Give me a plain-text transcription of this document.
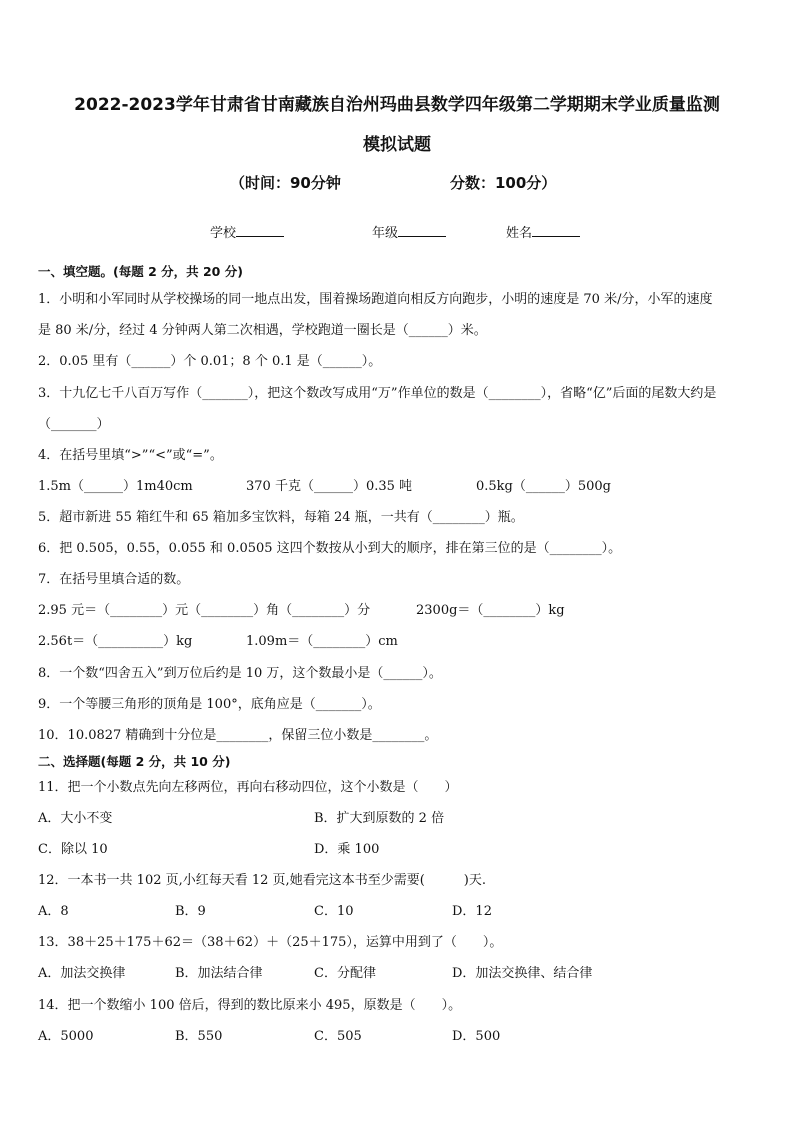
2022-2023学年甘肃省甘南藏族自治州玛曲县数学四年级第二学期期末学业质量监测
模拟试题
（时间：90分钟	分数：100分）
学校	年级	姓名
一、填空题。(每题 2 分，共 20 分)
1．小明和小军同时从学校操场的同一地点出发，围着操场跑道向相反方向跑步，小明的速度是 70 米/分，小军的速度
是 80 米/分，经过 4 分钟两人第二次相遇，学校跑道一圈长是（______）米。
2．0.05 里有（______）个 0.01；8 个 0.1 是（______）。
3．十九亿七千八百万写作（_______），把这个数改写成用“万”作单位的数是（________），省略“亿”后面的尾数大约是
（_______）
4．在括号里填“>”“<”或“=”。
1.5m（______）1m40cm	370 千克（______）0.35 吨	0.5kg（______）500g
5．超市新进 55 箱红牛和 65 箱加多宝饮料，每箱 24 瓶，一共有（________）瓶。
6．把 0.505，0.55，0.055 和 0.0505 这四个数按从小到大的顺序，排在第三位的是（________）。
7．在括号里填合适的数。
2.95 元＝（________）元（________）角（________）分	2300g＝（________）kg
2.56t＝（__________）kg	1.09m＝（________）cm
8．一个数“四舍五入”到万位后约是 10 万，这个数最小是（______）。
9．一个等腰三角形的顶角是 100°，底角应是（_______）。
10．10.0827 精确到十分位是________，保留三位小数是________。
二、选择题(每题 2 分，共 10 分)
11．把一个小数点先向左移两位，再向右移动四位，这个小数是（　　）
A．大小不变	B．扩大到原数的 2 倍
C．除以 10	D．乘 100
12．一本书一共 102 页,小红每天看 12 页,她看完这本书至少需要(　　　)天.
A．8	B．9	C．10	D．12
13．38＋25＋175＋62＝（38＋62）＋（25＋175），运算中用到了（　　）。
A．加法交换律	B．加法结合律	C．分配律	D．加法交换律、结合律
14．把一个数缩小 100 倍后，得到的数比原来小 495，原数是（　　）。
A．5000	B．550	C．505	D．500
